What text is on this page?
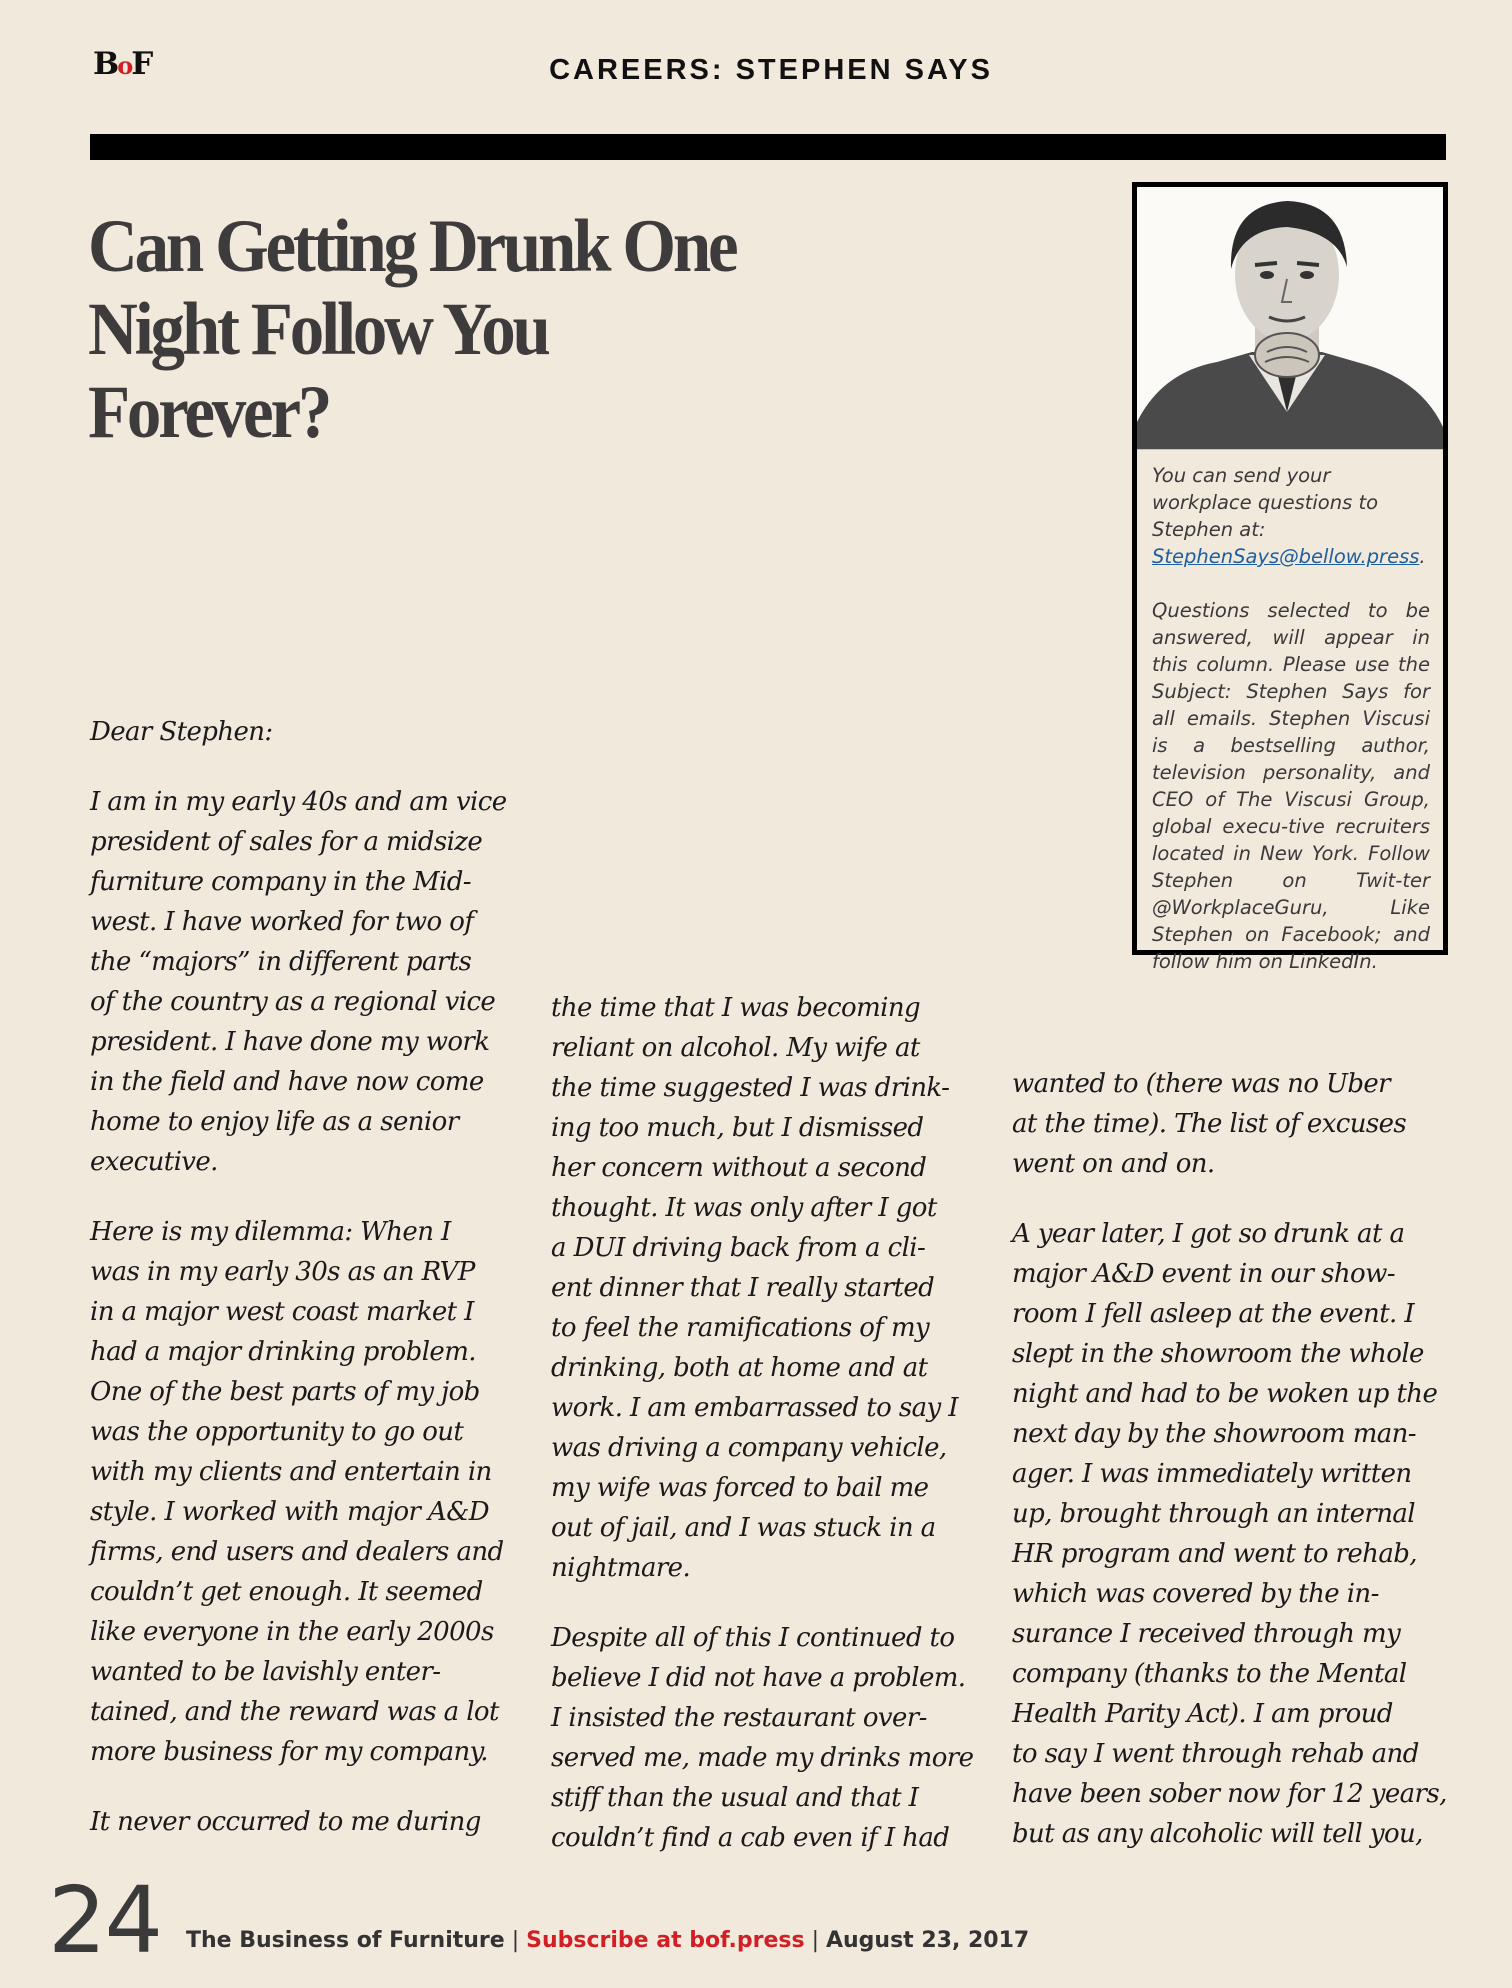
BoF	CAREERS: STEPHEN SAYS
Can Getting Drunk One
Night Follow You Forever?

You can send your workplace questions to Stephen at: StephenSays@bellow.press.

Questions selected to be answered, will appear in this column. Please use the Subject: Stephen Says for all emails. Stephen Viscusi is a bestselling author, television personality, and CEO of The Viscusi Group, global execu-tive recruiters located in New York. Follow Stephen on Twit-ter @WorkplaceGuru, Like Stephen on Facebook; and follow him on LinkedIn.

Dear Stephen:

I am in my early 40s and am vice
president of sales for a midsize
furniture company in the Mid-
west. I have worked for two of
the “majors” in different parts
of the country as a regional vice
president. I have done my work
in the field and have now come
home to enjoy life as a senior
executive.

Here is my dilemma: When I
was in my early 30s as an RVP
in a major west coast market I
had a major drinking problem.
One of the best parts of my job
was the opportunity to go out
with my clients and entertain in
style. I worked with major A&D
firms, end users and dealers and
couldn’t get enough. It seemed
like everyone in the early 2000s
wanted to be lavishly enter-
tained, and the reward was a lot
more business for my company.

It never occurred to me during

the time that I was becoming
reliant on alcohol. My wife at
the time suggested I was drink-
ing too much, but I dismissed
her concern without a second
thought. It was only after I got
a DUI driving back from a cli-
ent dinner that I really started
to feel the ramifications of my
drinking, both at home and at
work. I am embarrassed to say I
was driving a company vehicle,
my wife was forced to bail me
out of jail, and I was stuck in a
nightmare.

Despite all of this I continued to
believe I did not have a problem.
I insisted the restaurant over-
served me, made my drinks more
stiff than the usual and that I
couldn’t find a cab even if I had

wanted to (there was no Uber
at the time). The list of excuses
went on and on.

A year later, I got so drunk at a
major A&D event in our show-
room I fell asleep at the event. I
slept in the showroom the whole
night and had to be woken up the
next day by the showroom man-
ager. I was immediately written
up, brought through an internal
HR program and went to rehab,
which was covered by the in-
surance I received through my
company (thanks to the Mental
Health Parity Act). I am proud
to say I went through rehab and
have been sober now for 12 years,
but as any alcoholic will tell you,

24 The Business of Furniture | Subscribe at bof.press | August 23, 2017
